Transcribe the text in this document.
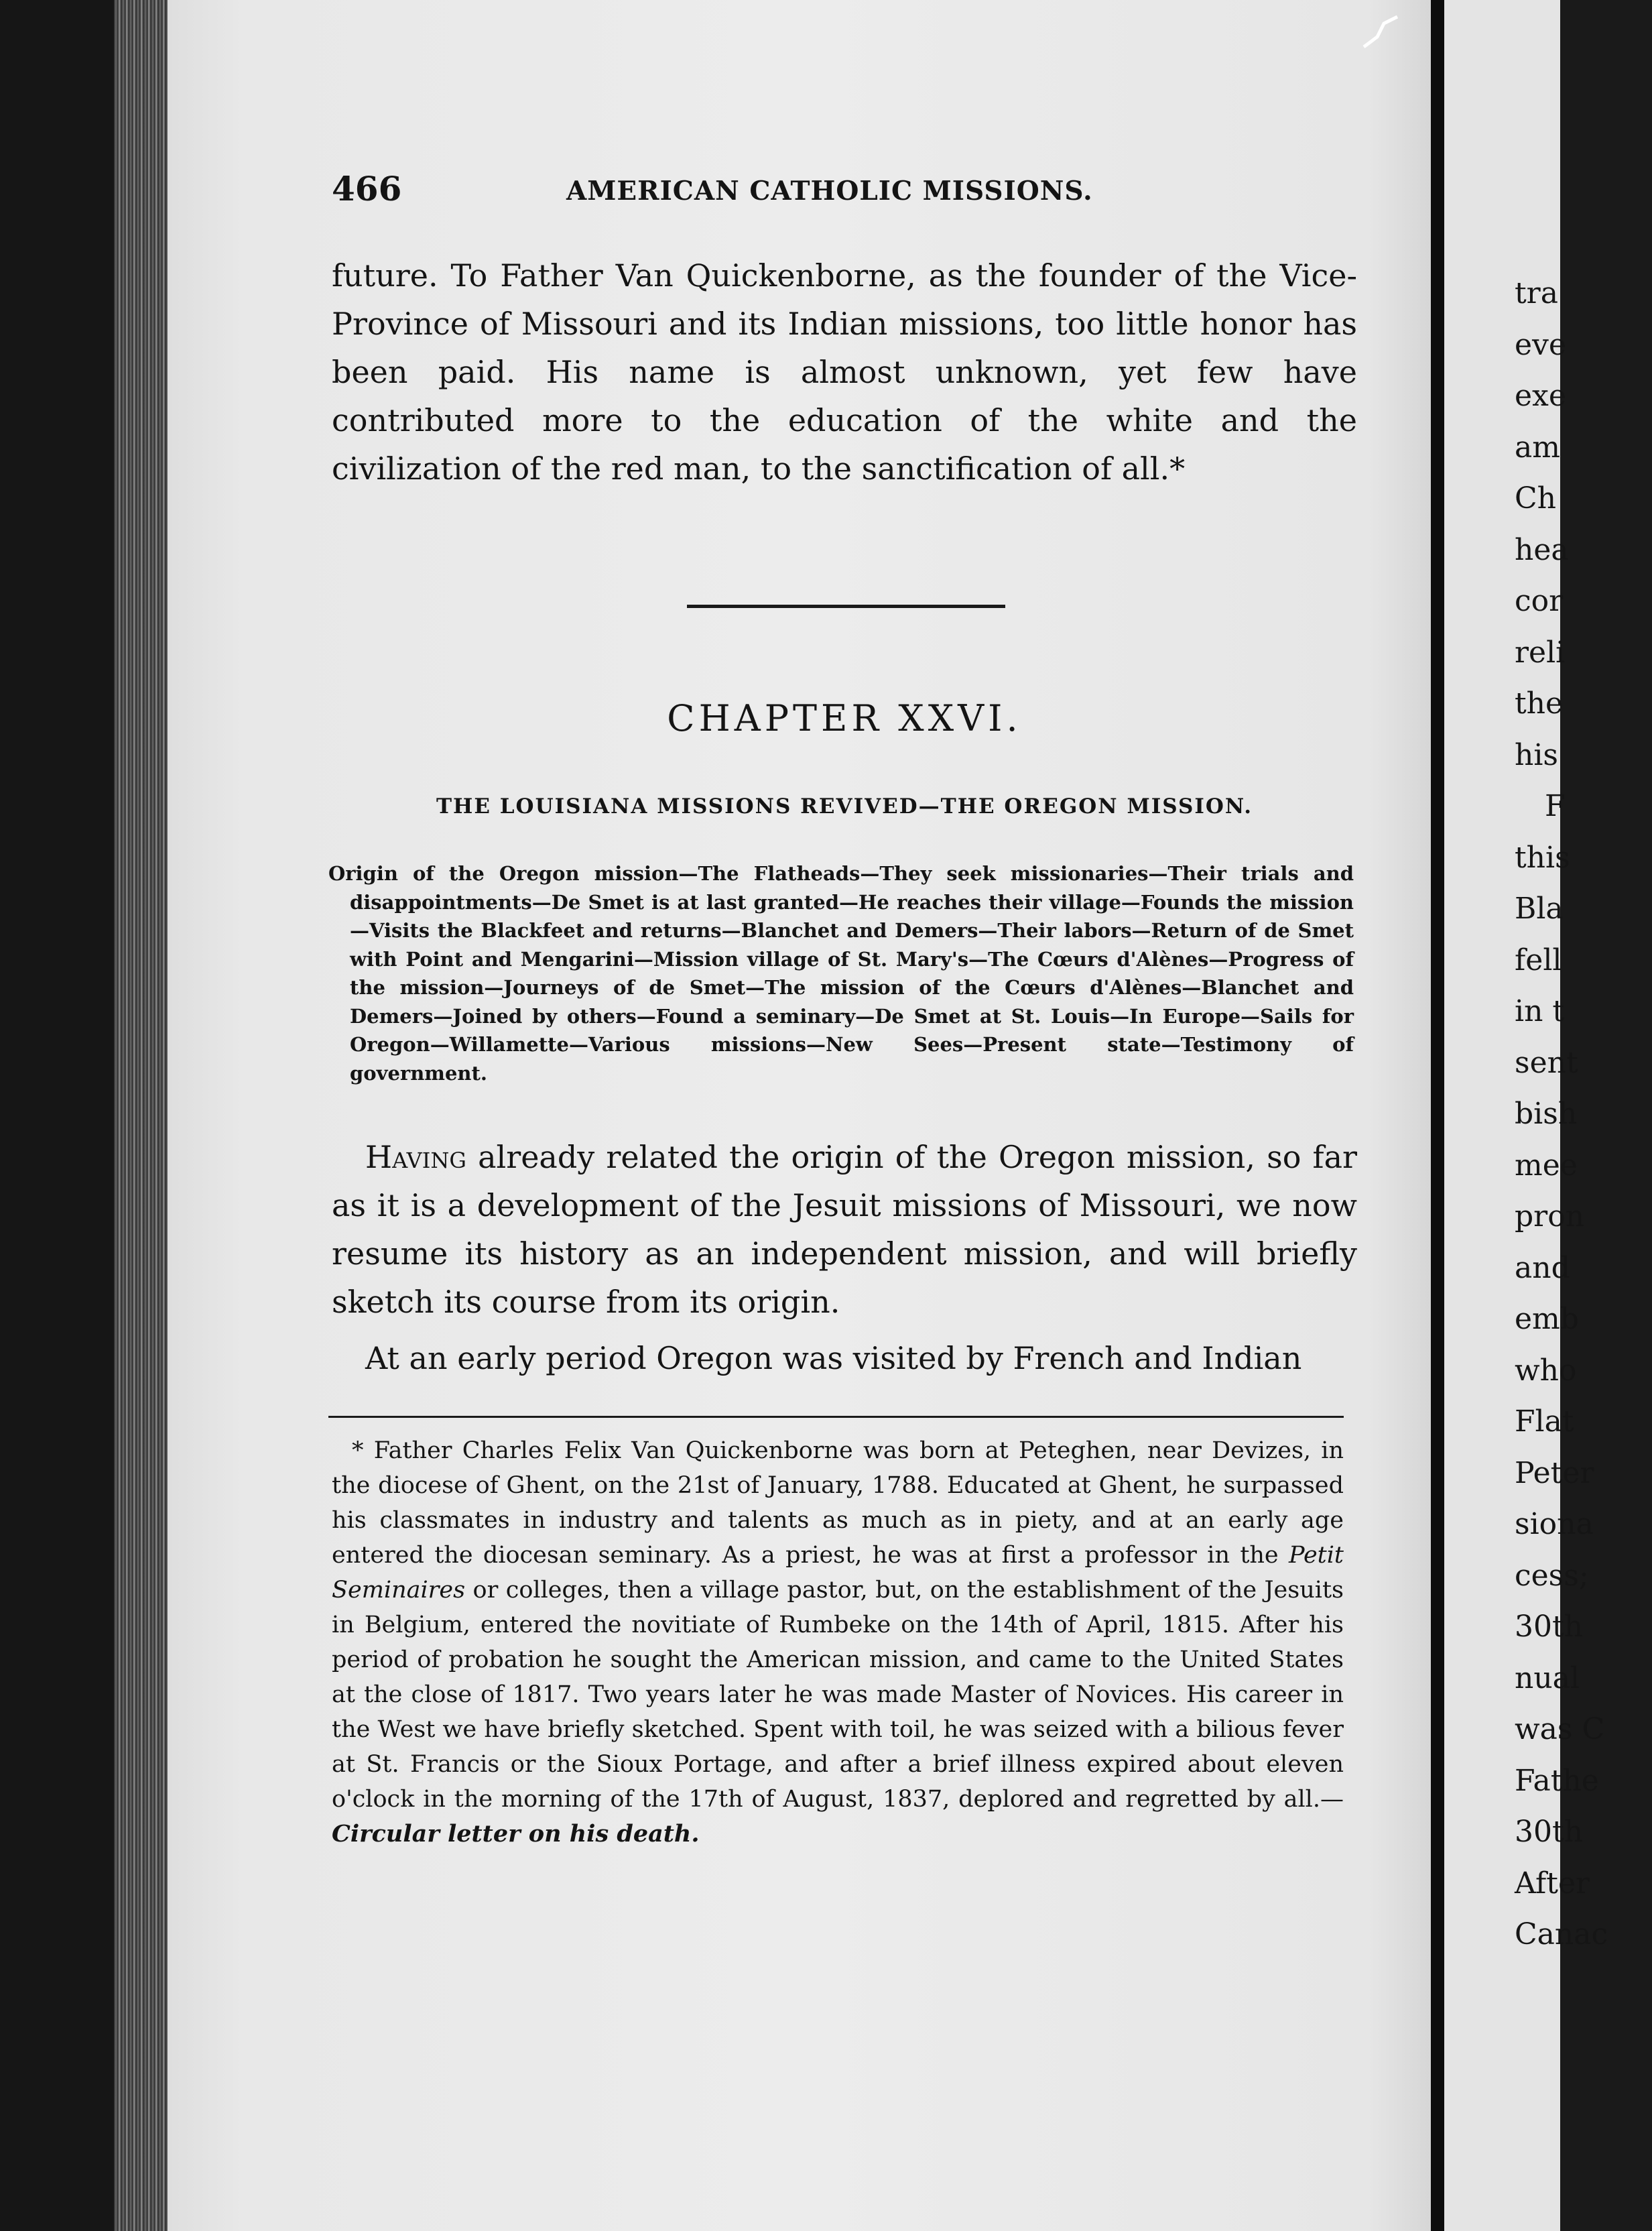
466	AMERICAN CATHOLIC MISSIONS.
future. To Father Van Quickenborne, as the founder of the Vice-Province of Missouri and its Indian missions, too little honor has been paid. His name is almost unknown, yet few have contributed more to the education of the white and the civilization of the red man, to the sanctification of all.*
CHAPTER XXVI.
THE LOUISIANA MISSIONS REVIVED—THE OREGON MISSION.
Origin of the Oregon mission—The Flatheads—They seek missionaries—Their trials and disappointments—De Smet is at last granted—He reaches their village—Founds the mission—Visits the Blackfeet and returns—Blanchet and Demers—Their labors—Return of de Smet with Point and Mengarini—Mission village of St. Mary's—The Cœurs d'Alènes—Progress of the mission—Journeys of de Smet—The mission of the Cœurs d'Alènes—Blanchet and Demers—Joined by others—Found a seminary—De Smet at St. Louis—In Europe—Sails for Oregon—Willamette—Various missions—New Sees—Present state—Testimony of government.
Having already related the origin of the Oregon mission, so far as it is a development of the Jesuit missions of Missouri, we now resume its history as an independent mission, and will briefly sketch its course from its origin.
At an early period Oregon was visited by French and Indian
* Father Charles Felix Van Quickenborne was born at Peteghen, near Devizes, in the diocese of Ghent, on the 21st of January, 1788. Educated at Ghent, he surpassed his classmates in industry and talents as much as in piety, and at an early age entered the diocesan seminary. As a priest, he was at first a professor in the Petit Seminaires or colleges, then a village pastor, but, on the establishment of the Jesuits in Belgium, entered the novitiate of Rumbeke on the 14th of April, 1815. After his period of probation he sought the American mission, and came to the United States at the close of 1817. Two years later he was made Master of Novices. His career in the West we have briefly sketched. Spent with toil, he was seized with a bilious fever at St. Francis or the Sioux Portage, and after a brief illness expired about eleven o'clock in the morning of the 17th of August, 1837, deplored and regretted by all.—Circular letter on his death.
tra
eve
exe
am
Ch
hea
cor
reli
the
his
F
this
Bla
fell
in t
sent
bish
mee
pron
and
emb
who
Flat
Peter
siona
cess;
30th
nual
was C
Fathe
30th
After
Canac
